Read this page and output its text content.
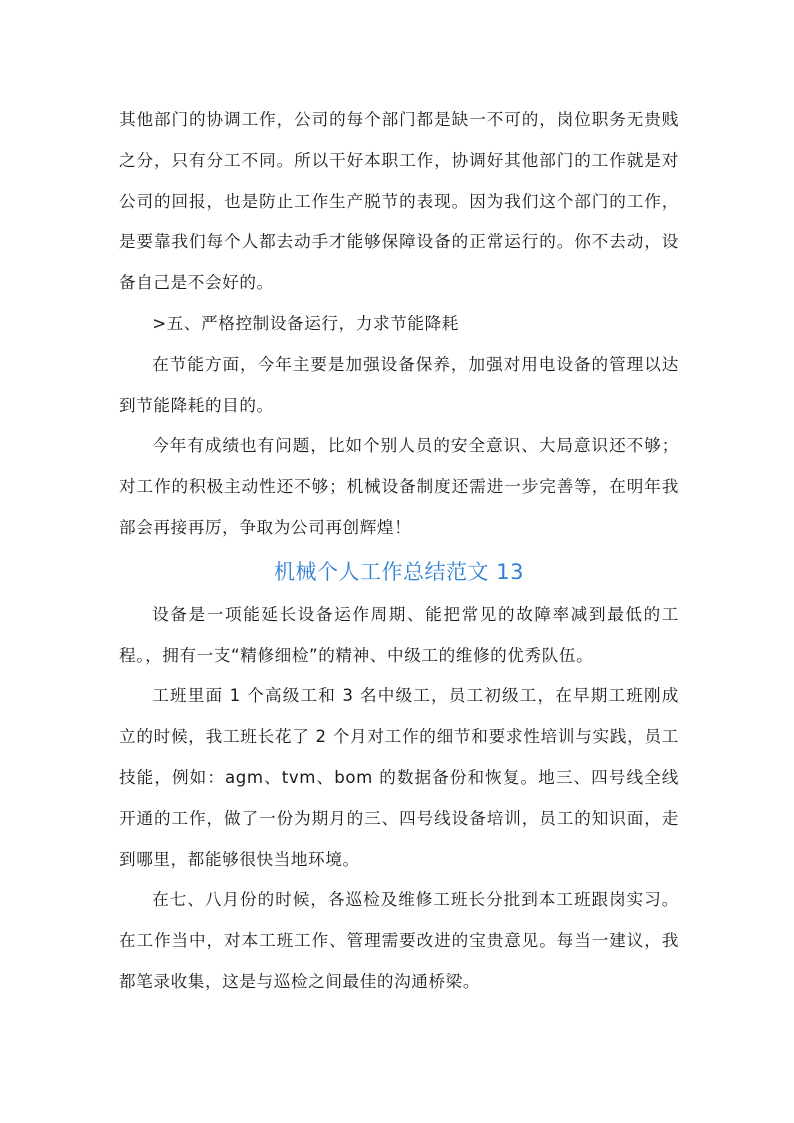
其他部门的协调工作，公司的每个部门都是缺一不可的，岗位职务无贵贱之分，只有分工不同。所以干好本职工作，协调好其他部门的工作就是对公司的回报，也是防止工作生产脱节的表现。因为我们这个部门的工作，是要靠我们每个人都去动手才能够保障设备的正常运行的。你不去动，设备自己是不会好的。

>五、严格控制设备运行，力求节能降耗

在节能方面，今年主要是加强设备保养，加强对用电设备的管理以达到节能降耗的目的。

今年有成绩也有问题，比如个别人员的安全意识、大局意识还不够；对工作的积极主动性还不够；机械设备制度还需进一步完善等，在明年我部会再接再厉，争取为公司再创辉煌！

机械个人工作总结范文 13

设备是一项能延长设备运作周期、能把常见的故障率减到最低的工程。，拥有一支“精修细检”的精神、中级工的维修的优秀队伍。

工班里面 1 个高级工和 3 名中级工，员工初级工，在早期工班刚成立的时候，我工班长花了 2 个月对工作的细节和要求性培训与实践，员工技能，例如：agm、tvm、bom 的数据备份和恢复。地三、四号线全线开通的工作，做了一份为期月的三、四号线设备培训，员工的知识面，走到哪里，都能够很快当地环境。

在七、八月份的时候，各巡检及维修工班长分批到本工班跟岗实习。在工作当中，对本工班工作、管理需要改进的宝贵意见。每当一建议，我都笔录收集，这是与巡检之间最佳的沟通桥梁。
